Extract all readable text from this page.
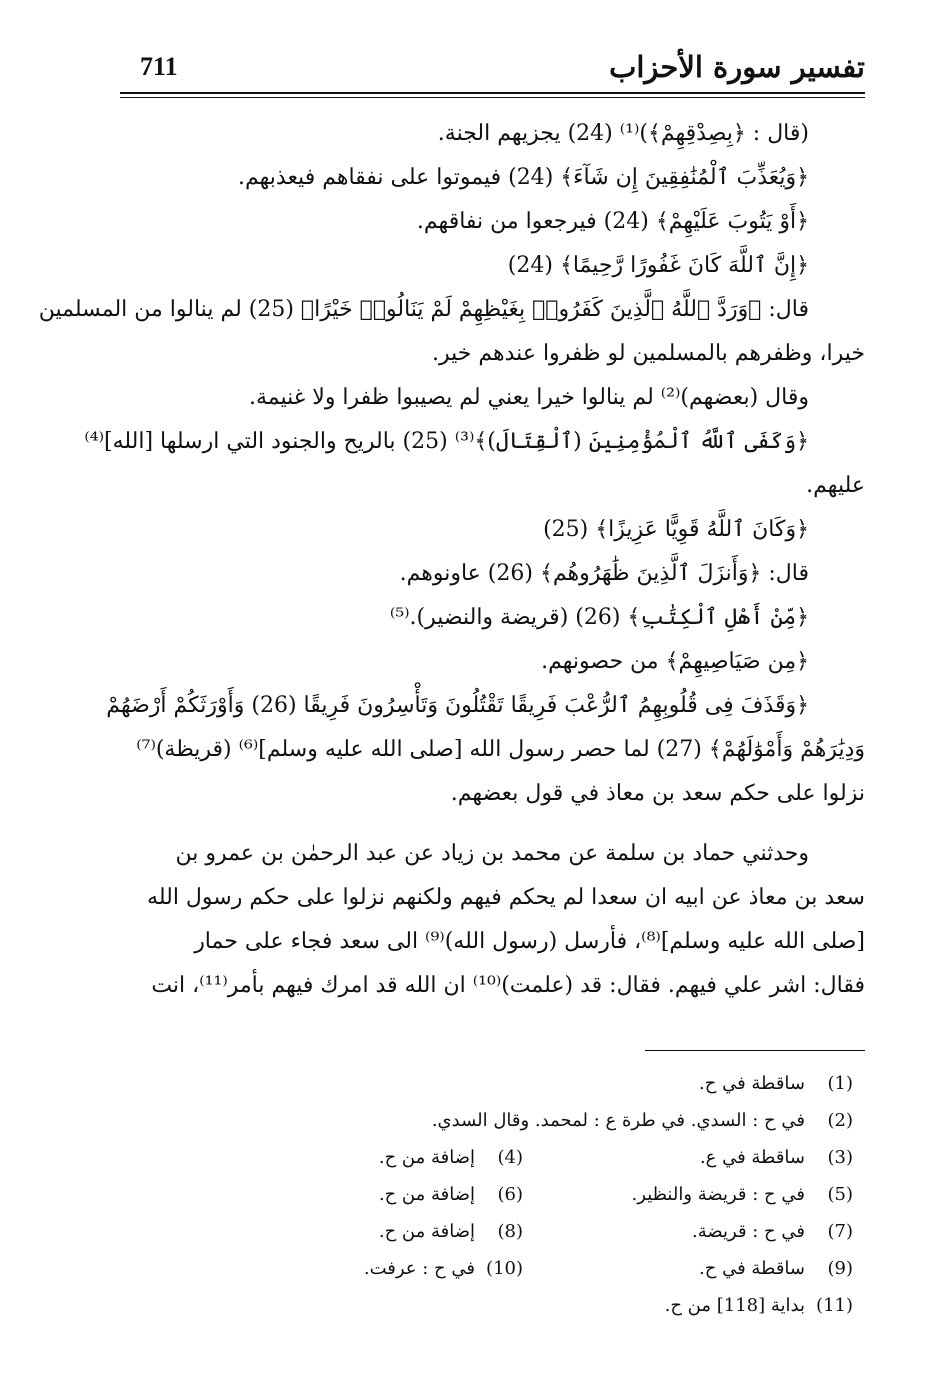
تفسير سورة الأحزاب
711
(قال : ﴿بِصِدْقِهِمْ﴾)⁽¹⁾ (24) يجزيهم الجنة.
﴿وَيُعَذِّبَ ٱلْمُنَٰفِقِينَ إِن شَآءَ﴾ (24) فيموتوا على نفقاهم فيعذبهم.
﴿أَوْ يَتُوبَ عَلَيْهِمْ﴾ (24) فيرجعوا من نفاقهم.
﴿إِنَّ ٱللَّهَ كَانَ غَفُورًا رَّحِيمًا﴾ (24)
قال: ﴿وَرَدَّ ٱللَّهُ ٱلَّذِينَ كَفَرُوا۟ بِغَيْظِهِمْ لَمْ يَنَالُوا۟ خَيْرًا﴾ (25) لم ينالوا من المسلمين
خيرا، وظفرهم بالمسلمين لو ظفروا عندهم خير.
وقال (بعضهم)⁽²⁾ لم ينالوا خيرا يعني لم يصيبوا ظفرا ولا غنيمة.
﴿وَكَفَى ٱللَّهُ ٱلْمُؤْمِنِينَ (ٱلْقِتَالَ)﴾⁽³⁾ (25) بالريح والجنود التي ارسلها [الله]⁽⁴⁾
عليهم.
﴿وَكَانَ ٱللَّهُ قَوِيًّا عَزِيزًا﴾ (25)
قال: ﴿وَأَنزَلَ ٱلَّذِينَ ظَٰهَرُوهُم﴾ (26) عاونوهم.
﴿مِّنْ أَهْلِ ٱلْكِتَٰبِ﴾ (26) (قريضة والنضير).⁽⁵⁾
﴿مِن صَيَاصِيهِمْ﴾ من حصونهم.
﴿وَقَذَفَ فِى قُلُوبِهِمُ ٱلرُّعْبَ فَرِيقًا تَقْتُلُونَ وَتَأْسِرُونَ فَرِيقًا (26) وَأَوْرَثَكُمْ أَرْضَهُمْ
وَدِيَٰرَهُمْ وَأَمْوَٰلَهُمْ﴾ (27) لما حصر رسول الله [صلى الله عليه وسلم]⁽⁶⁾ (قريظة)⁽⁷⁾
نزلوا على حكم سعد بن معاذ في قول بعضهم.
وحدثني حماد بن سلمة عن محمد بن زياد عن عبد الرحمٰن بن عمرو بن
سعد بن معاذ عن ابيه ان سعدا لم يحكم فيهم ولكنهم نزلوا على حكم رسول الله
[صلى الله عليه وسلم]⁽⁸⁾، فأرسل (رسول الله)⁽⁹⁾ الى سعد فجاء على حمار
فقال: اشر علي فيهم. فقال: قد (علمت)⁽¹⁰⁾ ان الله قد امرك فيهم بأمر⁽¹¹⁾، انت
(1)ساقطة في ح.
(2)في ح : السدي. في طرة ع : لمحمد. وقال السدي.
(3)ساقطة في ع.
(4)إضافة من ح.
(5)في ح : قريضة والنظير.
(6)إضافة من ح.
(7)في ح : قريضة.
(8)إضافة من ح.
(9)ساقطة في ح.
(10)في ح : عرفت.
(11)بداية [118] من ح.
